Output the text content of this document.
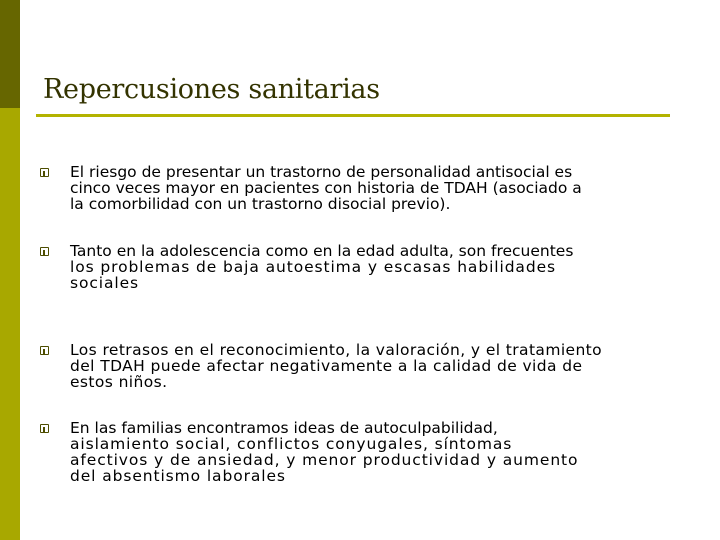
Repercusiones sanitarias
El riesgo de presentar un trastorno de personalidad antisocial es
cinco veces mayor en pacientes con historia de TDAH (asociado a
la comorbilidad con un trastorno disocial previo).
Tanto en la adolescencia como en la edad adulta, son frecuentes
los problemas de baja autoestima y escasas habilidades
sociales
Los retrasos en el reconocimiento, la valoración, y el tratamiento
del TDAH puede afectar negativamente a la calidad de vida de
estos niños.
En las familias encontramos ideas de autoculpabilidad,
aislamiento social, conflictos conyugales, síntomas
afectivos y de ansiedad, y menor productividad y aumento
del absentismo laborales
